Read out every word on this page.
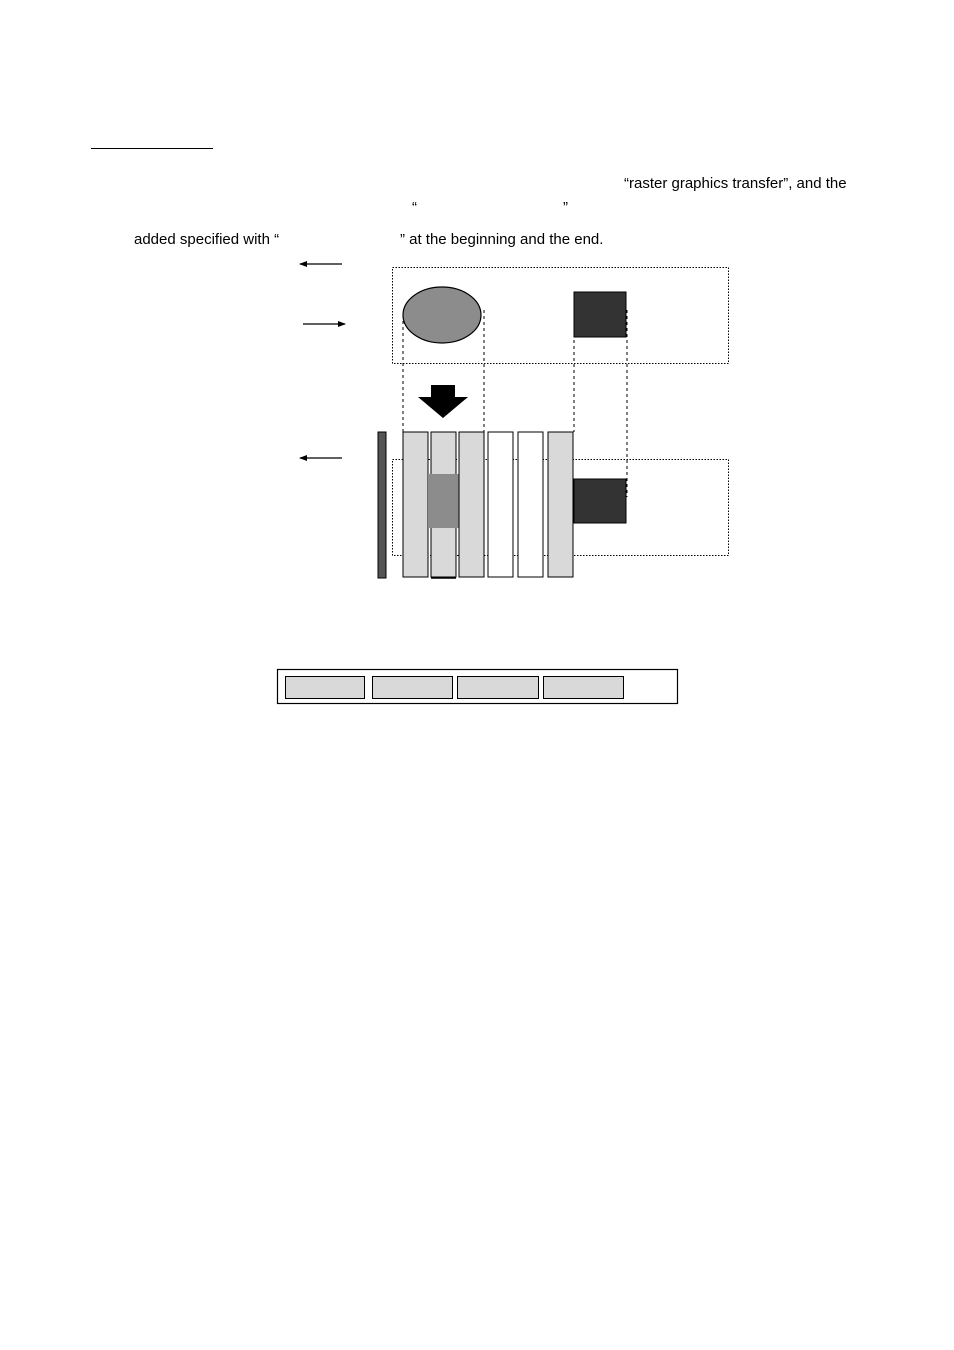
“raster graphics transfer”, and the
“	”
added specified with “                             ” at the beginning and the end.
